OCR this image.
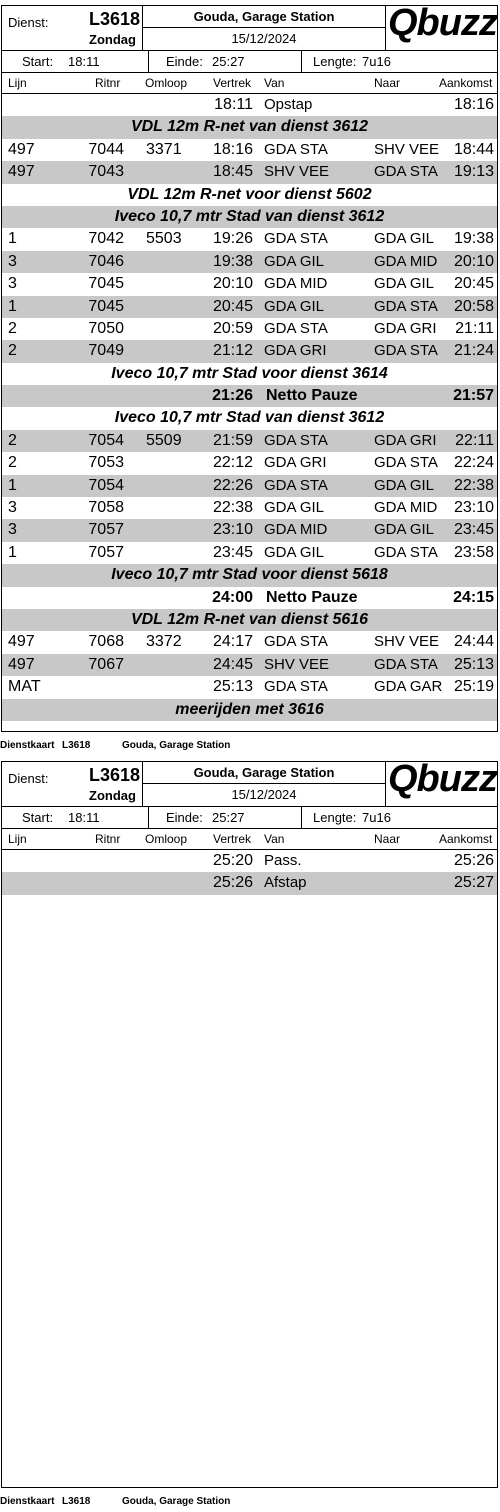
Dienst: L3618
Zondag
Gouda, Garage Station
15/12/2024	Qbuzz
Start: 18:11	Einde: 25:27	Lengte: 7u16
Lijn	Ritnr Omloop Vertrek Van	Naar	Aankomst
18:11 Opstap	18:16
VDL 12m R-net van dienst 3612
497	7044 3371 18:16 GDA STA	SHV VEE 18:44
497	7043	18:45 SHV VEE	GDA STA 19:13
VDL 12m R-net voor dienst 5602
Iveco 10,7 mtr Stad van dienst 3612
1	7042 5503 19:26 GDA STA	GDA GIL 19:38
3	7046	19:38 GDA GIL	GDA MID 20:10
3	7045	20:10 GDA MID	GDA GIL 20:45
1	7045	20:45 GDA GIL	GDA STA 20:58
2	7050	20:59 GDA STA	GDA GRI 21:11
2	7049	21:12 GDA GRI	GDA STA 21:24
Iveco 10,7 mtr Stad voor dienst 3614
21:26 Netto Pauze	21:57
Iveco 10,7 mtr Stad van dienst 3612
2	7054 5509 21:59 GDA STA	GDA GRI 22:11
2	7053	22:12 GDA GRI	GDA STA 22:24
1	7054	22:26 GDA STA	GDA GIL 22:38
3	7058	22:38 GDA GIL	GDA MID 23:10
3	7057	23:10 GDA MID	GDA GIL 23:45
1	7057	23:45 GDA GIL	GDA STA 23:58
Iveco 10,7 mtr Stad voor dienst 5618
24:00 Netto Pauze	24:15
VDL 12m R-net van dienst 5616
497	7068 3372 24:17 GDA STA	SHV VEE 24:44
497	7067	24:45 SHV VEE	GDA STA 25:13
MAT	25:13 GDA STA	GDA GAR 25:19
meerijden met 3616
Dienstkaart L3618	Gouda, Garage Station
Dienst: L3618
Zondag
Gouda, Garage Station
15/12/2024	Qbuzz
Start: 18:11	Einde: 25:27	Lengte: 7u16
Lijn	Ritnr Omloop Vertrek Van	Naar	Aankomst
25:20 Pass.	25:26
25:26 Afstap	25:27
Dienstkaart L3618	Gouda, Garage Station
